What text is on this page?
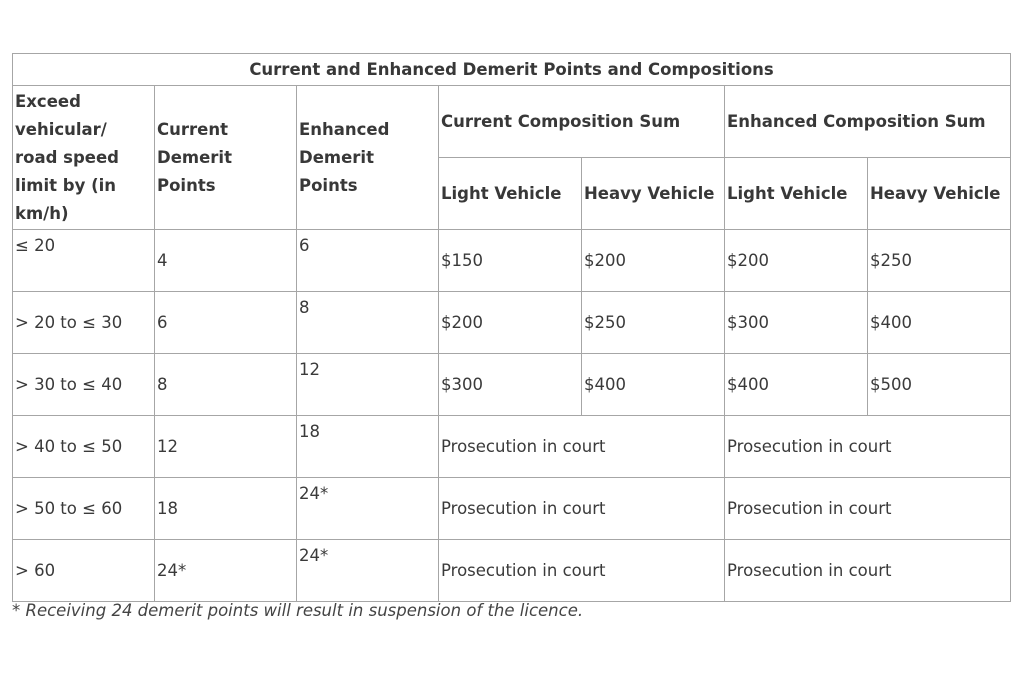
Current and Enhanced Demerit Points and Compositions						
Exceed vehicular/ road speed limit by (in km/h)	Current Demerit Points	Enhanced Demerit Points	Current Composition Sum		Enhanced Composition Sum	
			Light Vehicle	Heavy Vehicle	Light Vehicle	Heavy Vehicle
≤ 20	4	6	$150	$200	$200	$250
> 20 to ≤ 30	6	8	$200	$250	$300	$400
> 30 to ≤ 40	8	12	$300	$400	$400	$500
> 40 to ≤ 50	12	18	Prosecution in court		Prosecution in court	
> 50 to ≤ 60	18	24*	Prosecution in court		Prosecution in court	
> 60	24*	24*	Prosecution in court		Prosecution in court	
* Receiving 24 demerit points will result in suspension of the licence.
